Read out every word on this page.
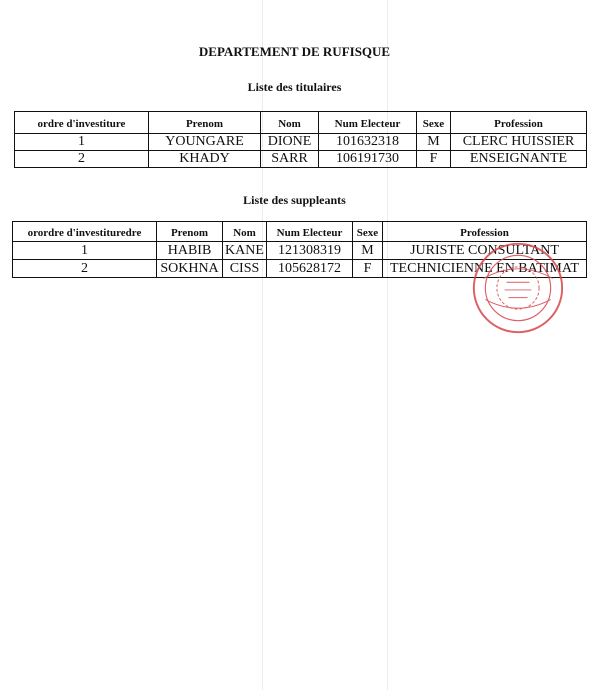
DEPARTEMENT DE RUFISQUE
Liste des titulaires
ordre d'investiture	Prenom	Nom	Num Electeur	Sexe	Profession
1	YOUNGARE	DIONE	101632318	M	CLERC HUISSIER
2	KHADY	SARR	106191730	F	ENSEIGNANTE
Liste des suppleants
orordre d'investituredre	Prenom	Nom	Num Electeur	Sexe	Profession
1	HABIB	KANE	121308319	M	JURISTE CONSULTANT
2	SOKHNA	CISS	105628172	F	TECHNICIENNE EN BATIMAT
